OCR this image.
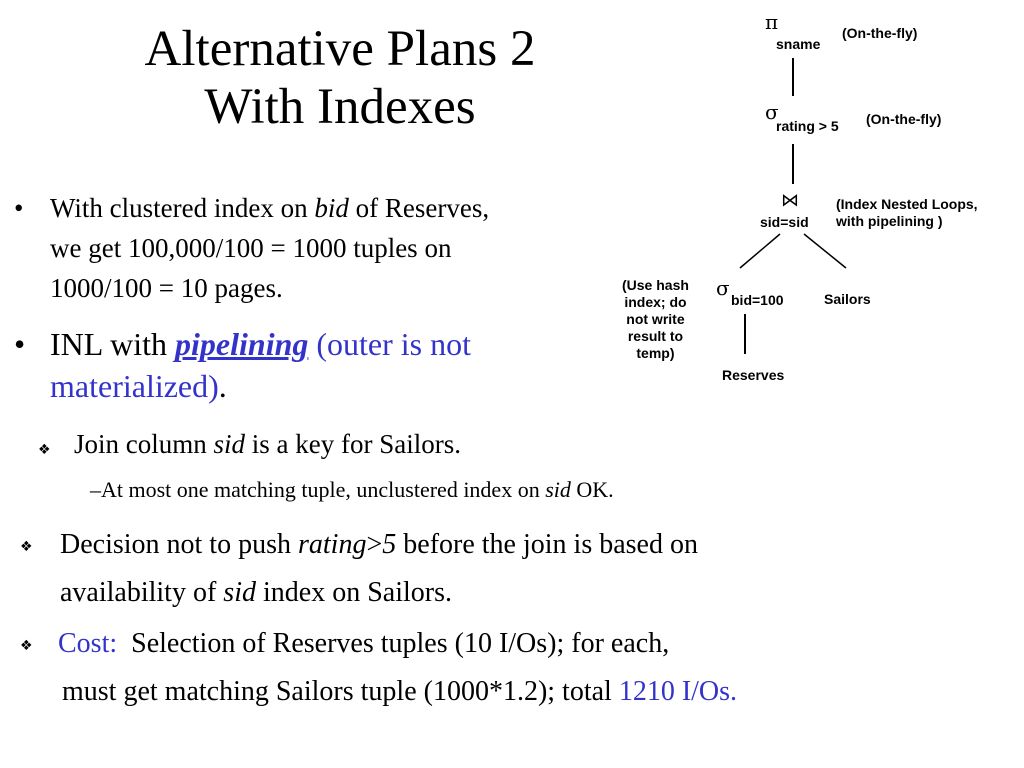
Alternative Plans 2
With Indexes
• With clustered index on bid of Reserves,
we get 100,000/100 = 1000 tuples on
1000/100 = 10 pages.
• INL with pipelining (outer is not
materialized).
❖ Join column sid is a key for Sailors.
–At most one matching tuple, unclustered index on sid OK.
❖ Decision not to push rating>5 before the join is based on
availability of sid index on Sailors.
❖ Cost:  Selection of Reserves tuples (10 I/Os); for each,
must get matching Sailors tuple (1000*1.2); total 1210 I/Os.
π
sname
(On-the-fly)
σ
rating > 5 (On-the-fly)
⋈
sid=sid
(Index Nested Loops,
with pipelining )
σ bid=100
(Use hash
index; do
not write
result to
temp)
Sailors
Reserves
